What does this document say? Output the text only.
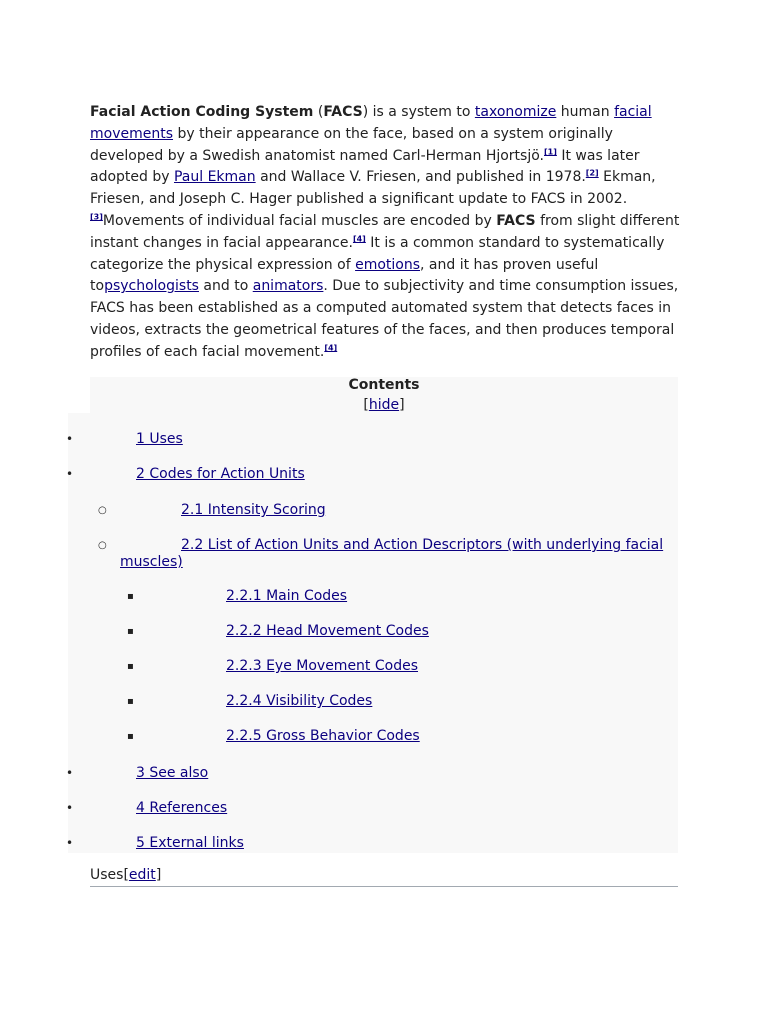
Facial Action Coding System (FACS) is a system to taxonomize human facial movements by their appearance on the face, based on a system originally developed by a Swedish anatomist named Carl-Herman Hjortsjö.[1] It was later adopted by Paul Ekman and Wallace V. Friesen, and published in 1978.[2] Ekman, Friesen, and Joseph C. Hager published a significant update to FACS in 2002.
[3]Movements of individual facial muscles are encoded by FACS from slight different instant changes in facial appearance.[4] It is a common standard to systematically categorize the physical expression of emotions, and it has proven useful topsychologists and to animators. Due to subjectivity and time consumption issues, FACS has been established as a computed automated system that detects faces in videos, extracts the geometrical features of the faces, and then produces temporal profiles of each facial movement.[4]

Contents
[hide]
•
•
○
○
▪
▪
▪
▪
▪
•
•
•
1 Uses
2 Codes for Action Units
2.1 Intensity Scoring
2.2 List of Action Units and Action Descriptors (with underlying facial muscles)
2.2.1 Main Codes
2.2.2 Head Movement Codes
2.2.3 Eye Movement Codes
2.2.4 Visibility Codes
2.2.5 Gross Behavior Codes
3 See also
4 References
5 External links
Uses[edit]
